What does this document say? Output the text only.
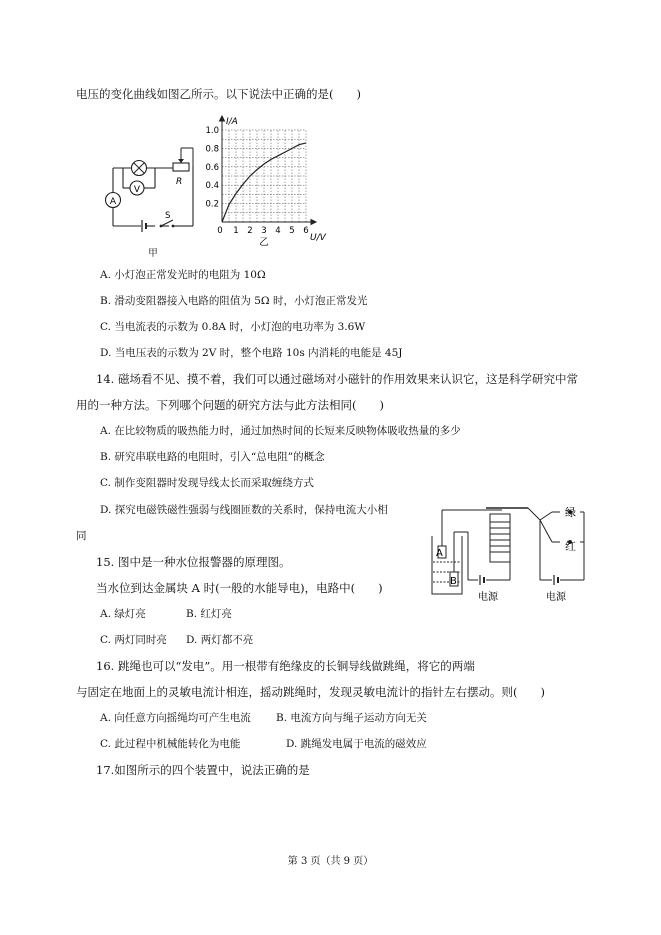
电压的变化曲线如图乙所示。以下说法中正确的是(　　)
V
A
R
S
甲
0 1 2 3 4 5 6
0.2
0.4
0.6
0.8
1.0
I/A
U/V
乙
A. 小灯泡正常发光时的电阻为 10Ω
B. 滑动变阻器接入电路的阻值为 5Ω 时，小灯泡正常发光
C. 当电流表的示数为 0.8A 时，小灯泡的电功率为 3.6W
D. 当电压表的示数为 2V 时，整个电路 10s 内消耗的电能是 45J
14. 磁场看不见、摸不着，我们可以通过磁场对小磁针的作用效果来认识它，这是科学研究中常
用的一种方法。下列哪个问题的研究方法与此方法相同(　　)
A. 在比较物质的吸热能力时，通过加热时间的长短来反映物体吸收热量的多少
B. 研究串联电路的电阻时，引入“总电阻”的概念
C. 制作变阻器时发现导线太长而采取缠绕方式
D. 探究电磁铁磁性强弱与线圈匝数的关系时，保持电流大小相
同
15. 图中是一种水位报警器的原理图。
当水位到达金属块 A 时(一般的水能导电)，电路中(　　)
A. 绿灯亮	B. 红灯亮
C. 两灯同时亮 D. 两灯都不亮
绿
红
A
B
电源	电源
16. 跳绳也可以“发电”。用一根带有绝缘皮的长铜导线做跳绳，将它的两端
与固定在地面上的灵敏电流计相连，摇动跳绳时，发现灵敏电流计的指针左右摆动。则(　　)
A. 向任意方向摇绳均可产生电流 B. 电流方向与绳子运动方向无关
C. 此过程中机械能转化为电能	D. 跳绳发电属于电流的磁效应
17.如图所示的四个装置中，说法正确的是
第 3 页（共 9 页）
